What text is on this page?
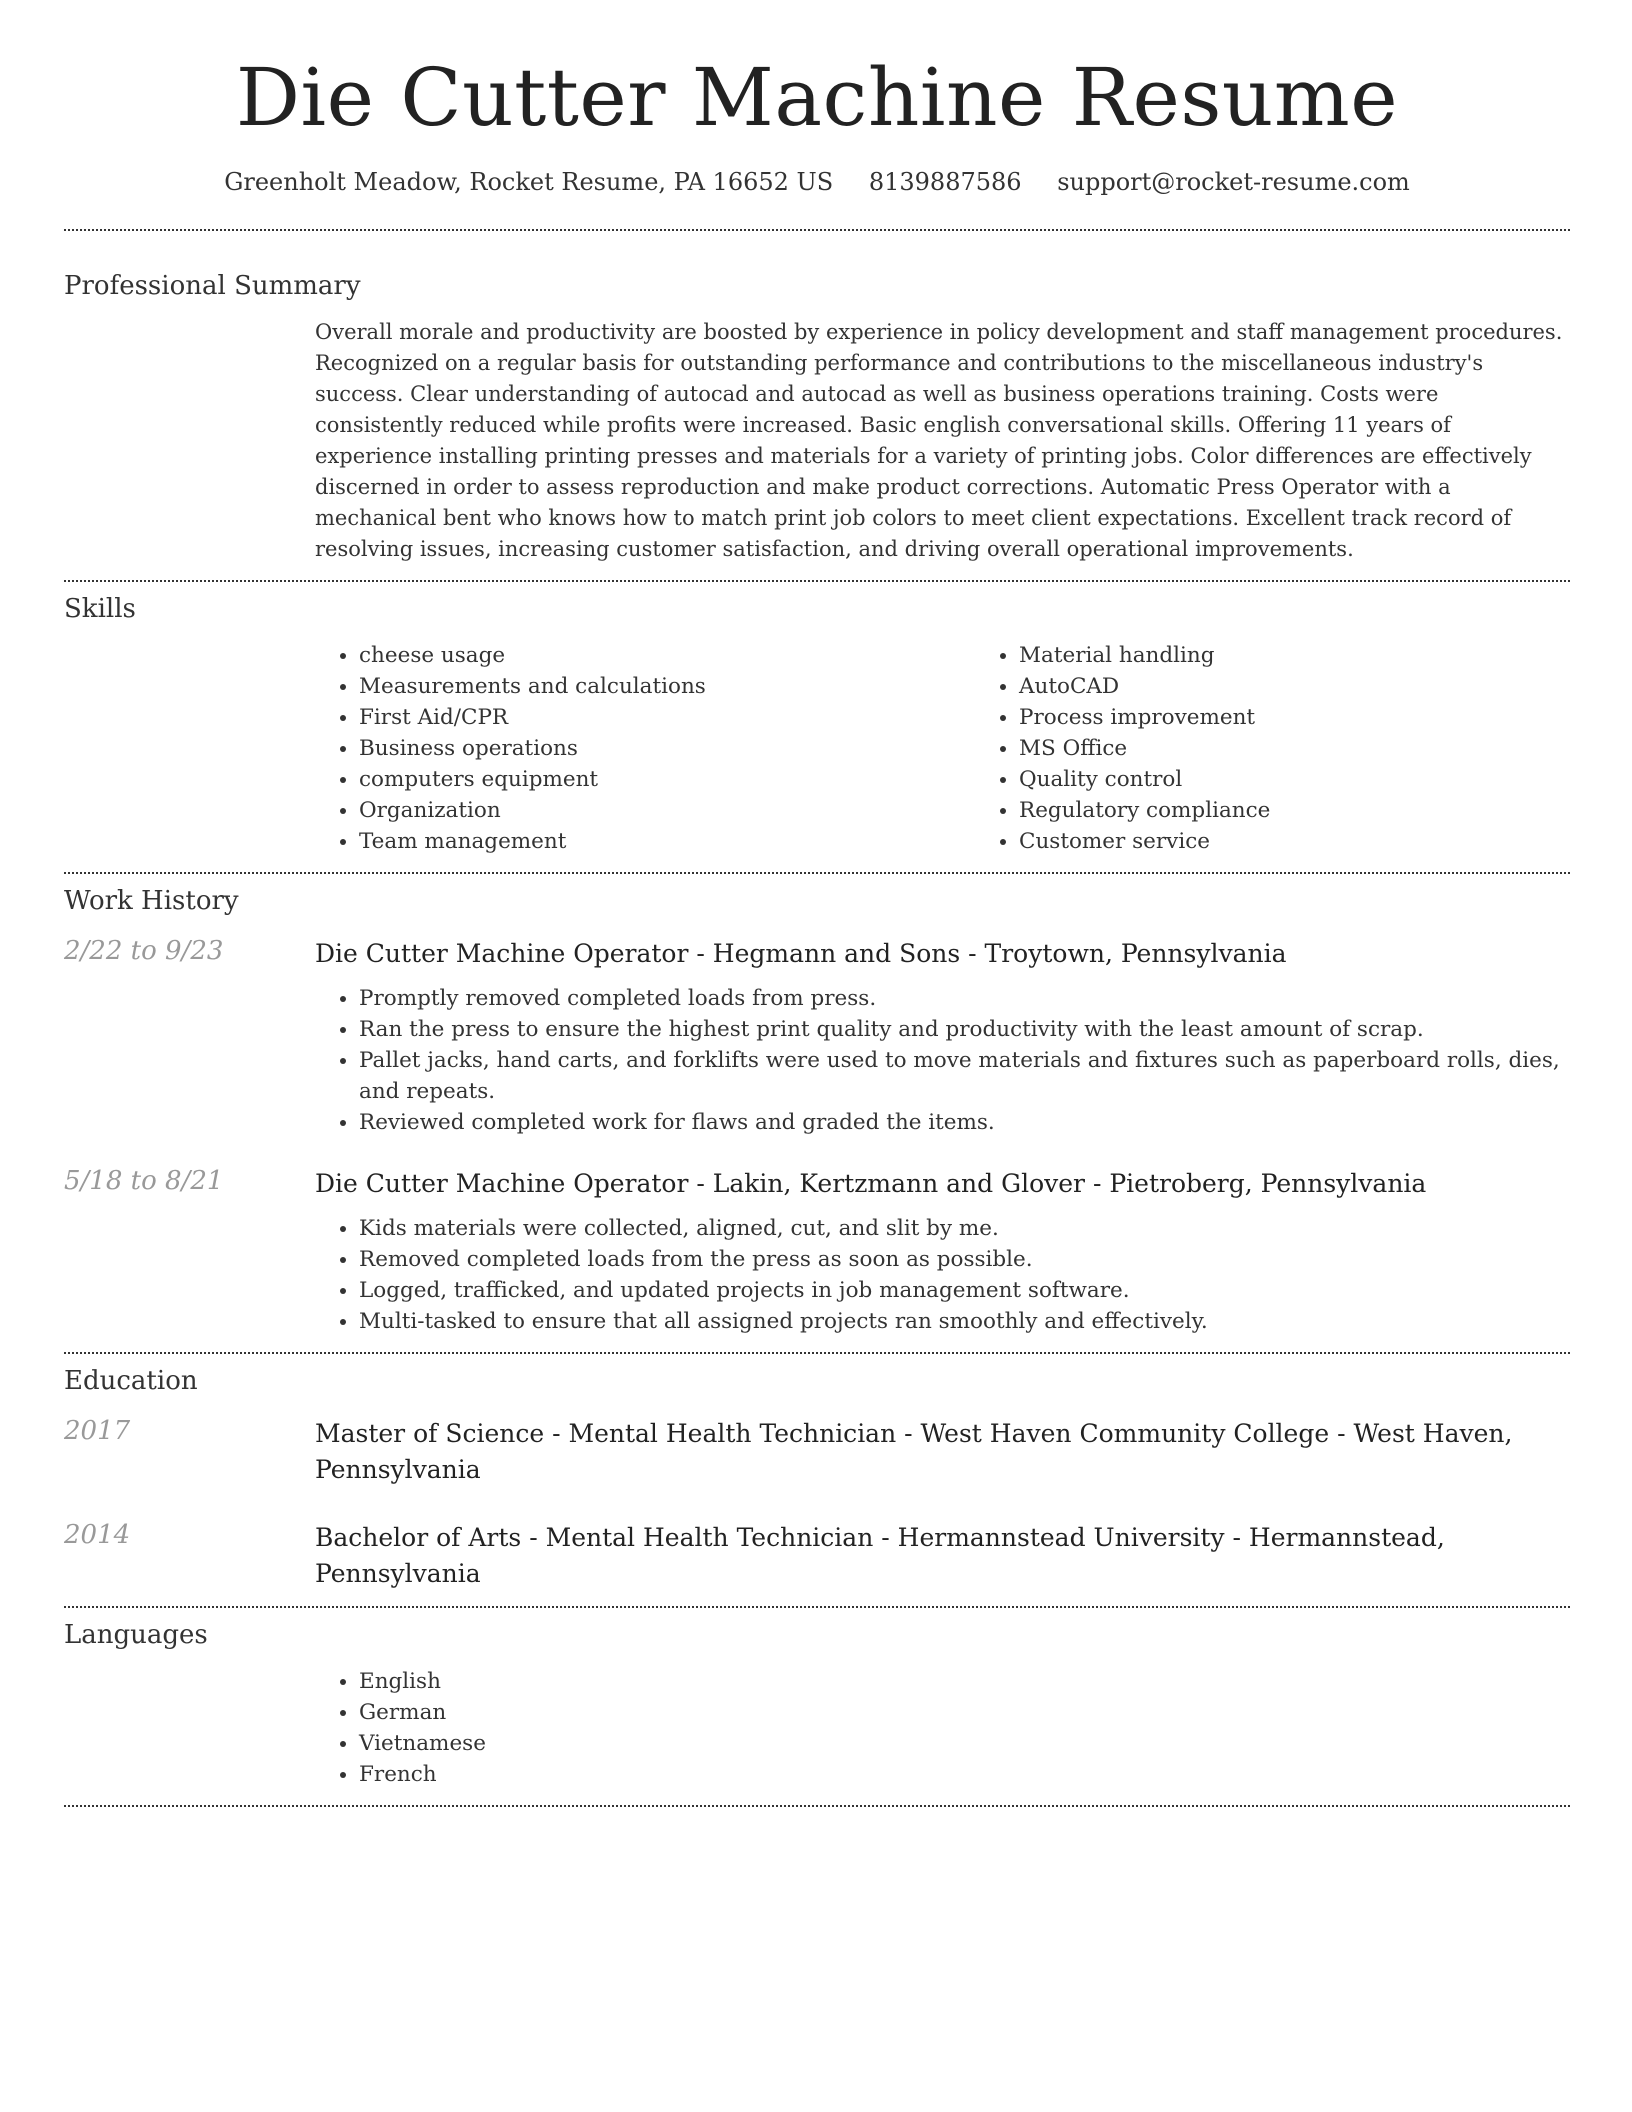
Die Cutter Machine Resume
Greenholt Meadow, Rocket Resume, PA 16652 US 8139887586 support@rocket-resume.com
Professional Summary

Overall morale and productivity are boosted by experience in policy development and staff management procedures. Recognized on a regular basis for outstanding performance and contributions to the miscellaneous industry's success. Clear understanding of autocad and autocad as well as business operations training. Costs were consistently reduced while profits were increased. Basic english conversational skills. Offering 11 years of experience installing printing presses and materials for a variety of printing jobs. Color differences are effectively discerned in order to assess reproduction and make product corrections. Automatic Press Operator with a mechanical bent who knows how to match print job colors to meet client expectations. Excellent track record of resolving issues, increasing customer satisfaction, and driving overall operational improvements.

Skills
• cheese usage
• Measurements and calculations
• First Aid/CPR
• Business operations
• computers equipment
• Organization
• Team management
• Material handling
• AutoCAD
• Process improvement
• MS Office
• Quality control
• Regulatory compliance
• Customer service
Work History
2/22 to 9/23	Die Cutter Machine Operator - Hegmann and Sons - Troytown, Pennsylvania
• Promptly removed completed loads from press.
• Ran the press to ensure the highest print quality and productivity with the least amount of scrap.
• Pallet jacks, hand carts, and forklifts were used to move materials and fixtures such as paperboard rolls, dies, and repeats.
• Reviewed completed work for flaws and graded the items.
5/18 to 8/21	Die Cutter Machine Operator - Lakin, Kertzmann and Glover - Pietroberg, Pennsylvania
• Kids materials were collected, aligned, cut, and slit by me.
• Removed completed loads from the press as soon as possible.
• Logged, trafficked, and updated projects in job management software.
• Multi-tasked to ensure that all assigned projects ran smoothly and effectively.
Education
2017	Master of Science - Mental Health Technician - West Haven Community College - West Haven, Pennsylvania
2014	Bachelor of Arts - Mental Health Technician - Hermannstead University - Hermannstead, Pennsylvania
Languages
• English
• German
• Vietnamese
• French
